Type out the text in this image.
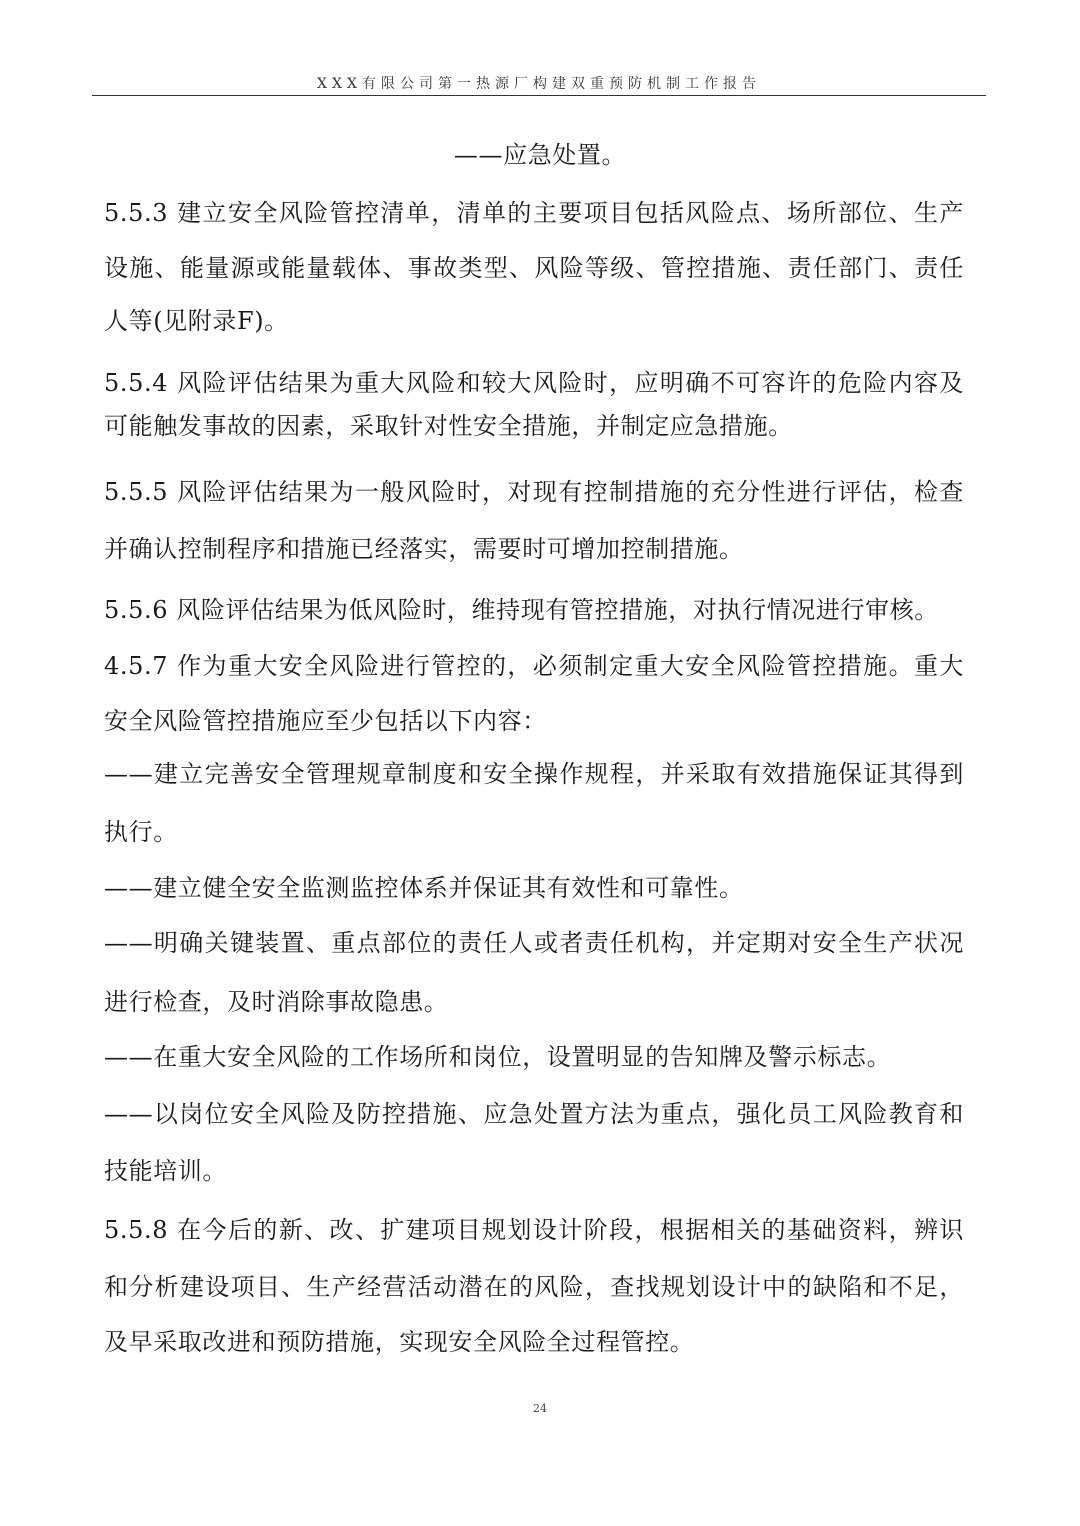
XXX有限公司第一热源厂构建双重预防机制工作报告
——应急处置。
5.5.3 建立安全风险管控清单，清单的主要项目包括风险点、场所部位、生产
设施、能量源或能量载体、事故类型、风险等级、管控措施、责任部门、责任
人等(见附录F)。
5.5.4 风险评估结果为重大风险和较大风险时，应明确不可容许的危险内容及
可能触发事故的因素，采取针对性安全措施，并制定应急措施。
5.5.5 风险评估结果为一般风险时，对现有控制措施的充分性进行评估，检查
并确认控制程序和措施已经落实，需要时可增加控制措施。
5.5.6 风险评估结果为低风险时，维持现有管控措施，对执行情况进行审核。
4.5.7 作为重大安全风险进行管控的，必须制定重大安全风险管控措施。重大
安全风险管控措施应至少包括以下内容：
——建立完善安全管理规章制度和安全操作规程，并采取有效措施保证其得到
执行。
——建立健全安全监测监控体系并保证其有效性和可靠性。
——明确关键装置、重点部位的责任人或者责任机构，并定期对安全生产状况
进行检查，及时消除事故隐患。
——在重大安全风险的工作场所和岗位，设置明显的告知牌及警示标志。
——以岗位安全风险及防控措施、应急处置方法为重点，强化员工风险教育和
技能培训。
5.5.8 在今后的新、改、扩建项目规划设计阶段，根据相关的基础资料，辨识
和分析建设项目、生产经营活动潜在的风险，查找规划设计中的缺陷和不足，
及早采取改进和预防措施，实现安全风险全过程管控。
24
